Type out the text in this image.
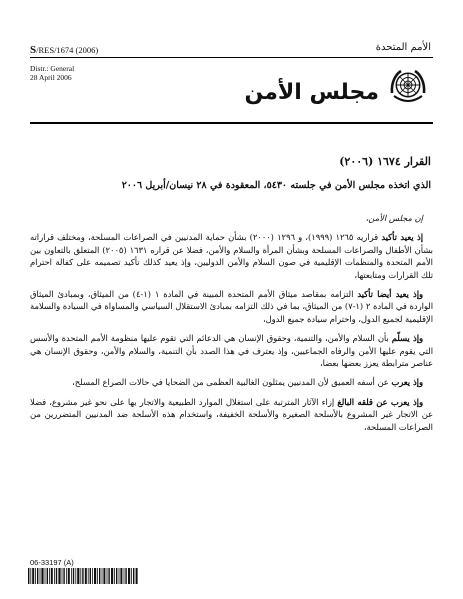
S/RES/1674 (2006)	الأمم المتحدة
Distr.: General
28 April 2006
مجلس الأمن
القرار ١٦٧٤ (٢٠٠٦)
الذي اتخذه مجلس الأمن في جلسته ٥٤٣٠، المعقودة في ٢٨ نيسان/أبريل ٢٠٠٦
إن مجلس الأمن،

إذ يعيد تأكيد قراريه ١٢٦٥ (١٩٩٩)، و ١٢٩٦ (٢٠٠٠) بشأن حماية المدنيين في الصراعات المسلحة، ومختلف قراراته بشأن الأطفال والصراعات المسلحة وبشأن المرأة والسلام والأمن، فضلا عن قراره ١٦٣١ (٢٠٠٥) المتعلق بالتعاون بين الأمم المتحدة والمنظمات الإقليمية في صون السلام والأمن الدوليين، وإذ يعيد كذلك تأكيد تصميمه على كفالة احترام تلك القرارات ومتابعتها،

وإذ يعيد أيضا تأكيد التزامه بمقاصد ميثاق الأمم المتحدة المبينة في المادة ١ (١-٤) من الميثاق، وبمبادئ الميثاق الواردة في المادة ٢ (١-٧) من الميثاق، بما في ذلك التزامه بمبادئ الاستقلال السياسي والمساواة في السيادة والسلامة الإقليمية لجميع الدول، واحترام سيادة جميع الدول،

وإذ يسلّم بأن السلام والأمن، والتنمية، وحقوق الإنسان هي الدعائم التي تقوم عليها منظومة الأمم المتحدة والأسس التي يقوم عليها الأمن والرفاه الجماعيين، وإذ يعترف في هذا الصدد بأن التنمية، والسلام والأمن، وحقوق الإنسان هي عناصر مترابطة يعزز بعضها بعضا،

وإذ يعرب عن أسفه العميق لأن المدنيين يمثلون الغالبية العظمى من الضحايا في حالات الصراع المسلح،

وإذ يعرب عن قلقه البالغ إزاء الآثار المترتبة على استغلال الموارد الطبيعية والاتجار بها على نحو غير مشروع، فضلا عن الاتجار غير المشروع بالأسلحة الصغيرة والأسلحة الخفيفة، واستخدام هذه الأسلحة ضد المدنيين المتضررين من الصراعات المسلحة،

06-33197 (A)
